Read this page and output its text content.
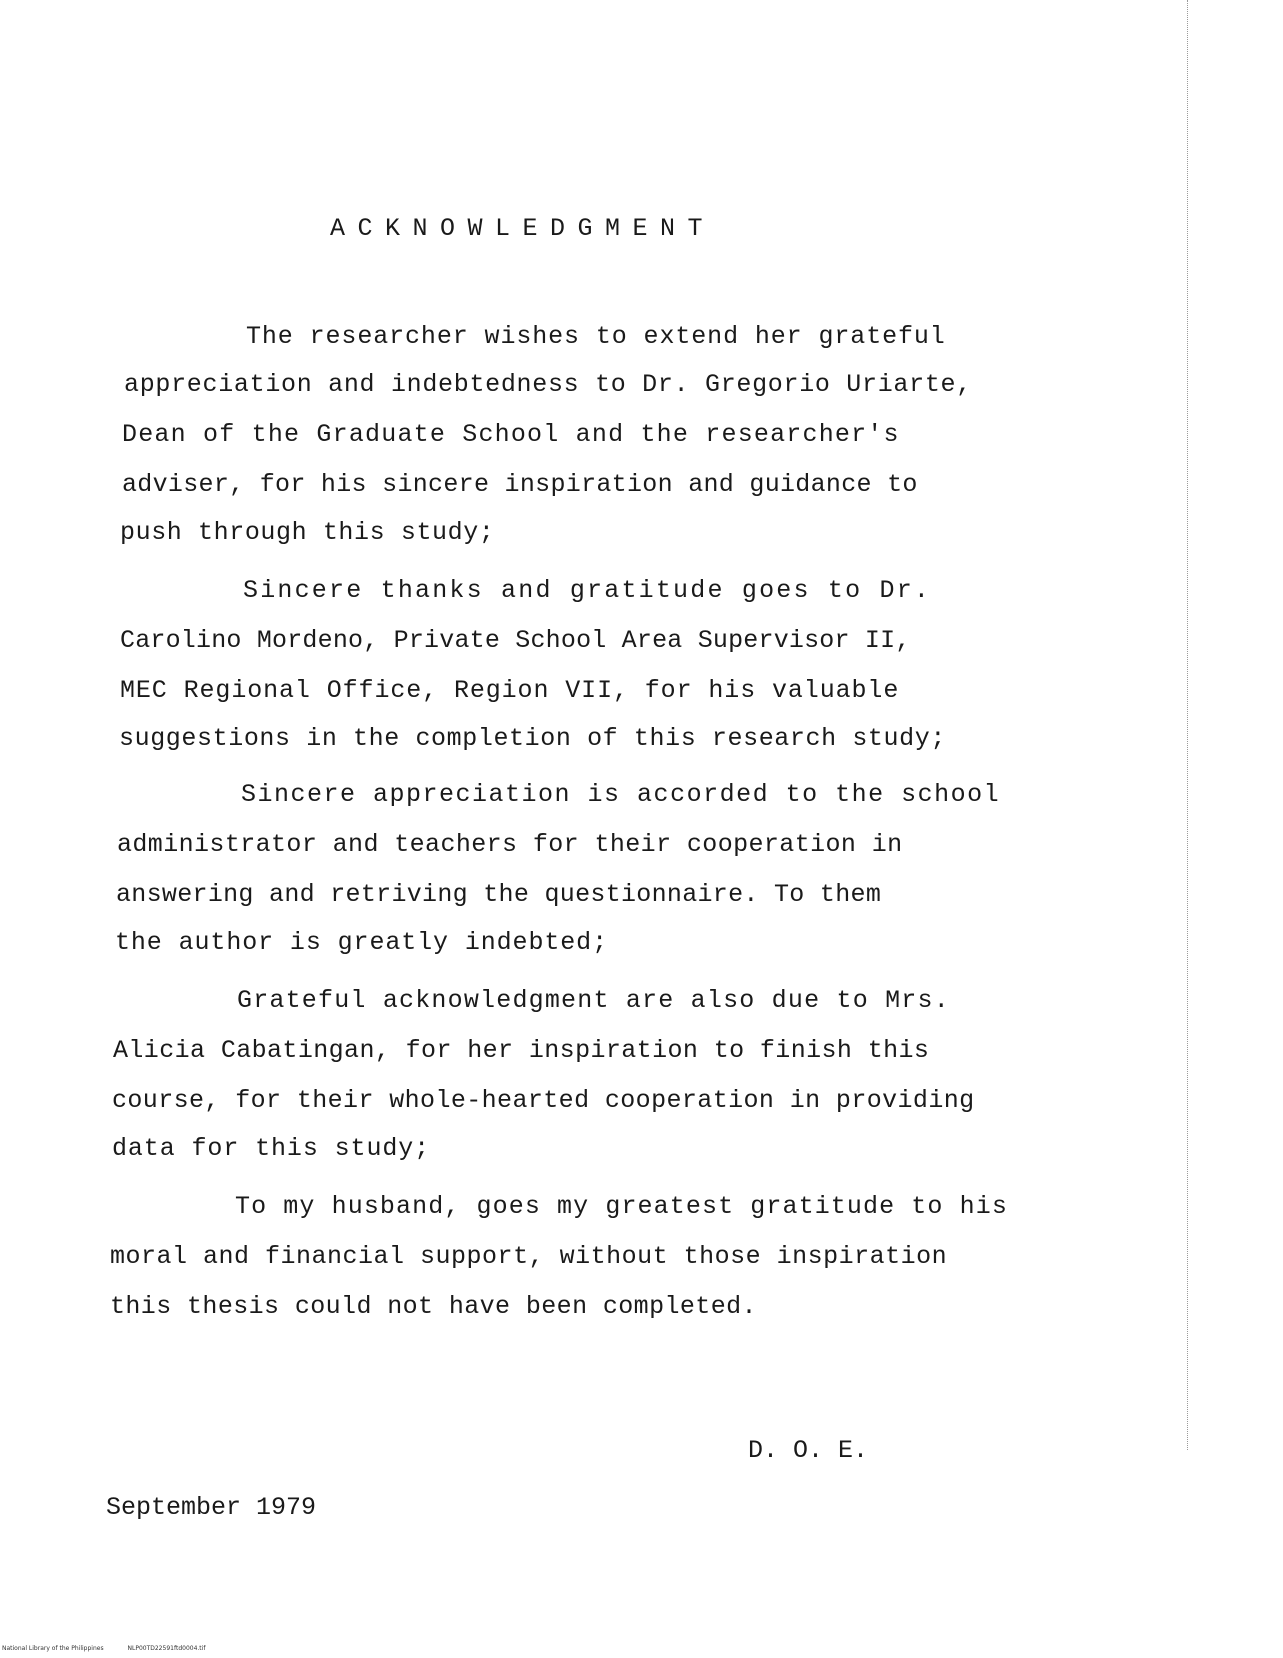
ACKNOWLEDGMENT
The researcher wishes to extend her grateful
appreciation and indebtedness to Dr. Gregorio Uriarte,
Dean of the Graduate School and the researcher's
adviser, for his sincere inspiration and guidance to
push through this study;
Sincere thanks and gratitude goes to Dr.
Carolino Mordeno, Private School Area Supervisor II,
MEC Regional Office, Region VII, for his valuable
suggestions in the completion of this research study;
Sincere appreciation is accorded to the school
administrator and teachers for their cooperation in
answering and retriving the questionnaire. To them
the author is greatly indebted;
Grateful acknowledgment are also due to Mrs.
Alicia Cabatingan, for her inspiration to finish this
course, for their whole-hearted cooperation in providing
data for this study;
To my husband, goes my greatest gratitude to his
moral and financial support, without those inspiration
this thesis could not have been completed.
D. O. E.
September 1979
National Library of the Philippines	NLP00TD22591ftd0004.tif
